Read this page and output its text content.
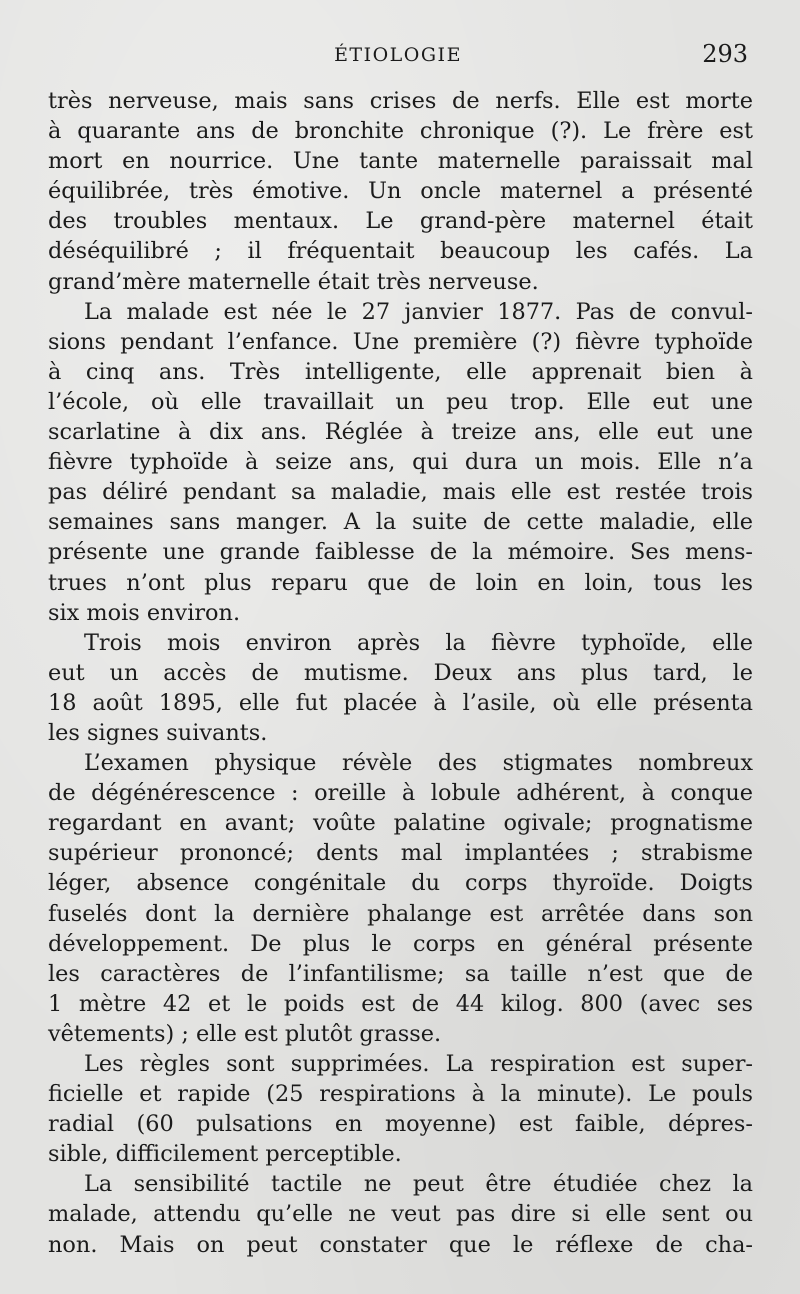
ÉTIOLOGIE	293
très nerveuse, mais sans crises de nerfs. Elle est morte
à quarante ans de bronchite chronique (?). Le frère est
mort en nourrice. Une tante maternelle paraissait mal
équilibrée, très émotive. Un oncle maternel a présenté
des troubles mentaux. Le grand-père maternel était
déséquilibré ; il fréquentait beaucoup les cafés. La
grand’mère maternelle était très nerveuse.
La malade est née le 27 janvier 1877. Pas de convul-
sions pendant l’enfance. Une première (?) fièvre typhoïde
à cinq ans. Très intelligente, elle apprenait bien à
l’école, où elle travaillait un peu trop. Elle eut une
scarlatine à dix ans. Réglée à treize ans, elle eut une
fièvre typhoïde à seize ans, qui dura un mois. Elle n’a
pas déliré pendant sa maladie, mais elle est restée trois
semaines sans manger. A la suite de cette maladie, elle
présente une grande faiblesse de la mémoire. Ses mens-
trues n’ont plus reparu que de loin en loin, tous les
six mois environ.
Trois mois environ après la fièvre typhoïde, elle
eut un accès de mutisme. Deux ans plus tard, le
18 août 1895, elle fut placée à l’asile, où elle présenta
les signes suivants.
L’examen physique révèle des stigmates nombreux
de dégénérescence : oreille à lobule adhérent, à conque
regardant en avant; voûte palatine ogivale; prognatisme
supérieur prononcé; dents mal implantées ; strabisme
léger, absence congénitale du corps thyroïde. Doigts
fuselés dont la dernière phalange est arrêtée dans son
développement. De plus le corps en général présente
les caractères de l’infantilisme; sa taille n’est que de
1 mètre 42 et le poids est de 44 kilog. 800 (avec ses
vêtements) ; elle est plutôt grasse.
Les règles sont supprimées. La respiration est super-
ficielle et rapide (25 respirations à la minute). Le pouls
radial (60 pulsations en moyenne) est faible, dépres-
sible, difficilement perceptible.
La sensibilité tactile ne peut être étudiée chez la
malade, attendu qu’elle ne veut pas dire si elle sent ou
non. Mais on peut constater que le réflexe de cha-
